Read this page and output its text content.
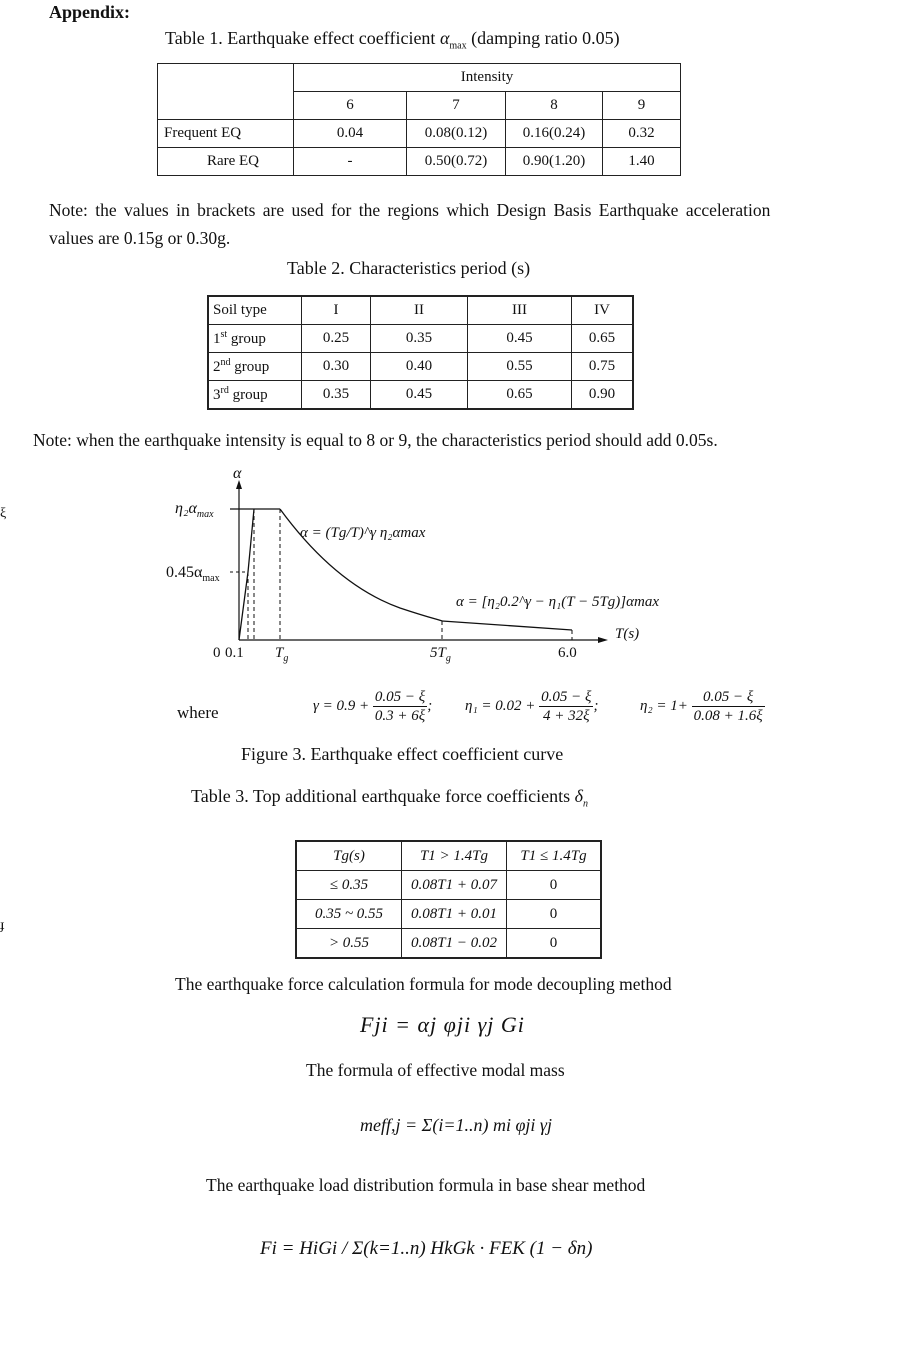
Appendix:
Table 1. Earthquake effect coefficient $\alpha_{max}$ (damping ratio 0.05)
	Intensity			
	6	7	8	9
Frequent EQ	0.04	0.08(0.12)	0.16(0.24)	0.32
Rare EQ	-	0.50(0.72)	0.90(1.20)	1.40
Note: the values in brackets are used for the regions which Design Basis Earthquake acceleration
values are 0.15g or 0.30g.
Table 2. Characteristics period (s)
Soil type	I	II	III	IV
1st group	0.25	0.35	0.45	0.65
2nd group	0.30	0.40	0.55	0.75
3rd group	0.35	0.45	0.65	0.90
Note: when the earthquake intensity is equal to 8 or 9, the characteristics period should add 0.05s.
ξ
ɟ
α
$\eta_2\alpha_{max}$
$0.45\alpha_{max}$
α = (Tg/T)^γ η₂αmax
α = [η₂0.2^γ − η₁(T − 5Tg)]αmax
T(s)
0 0.1 $T_g$	$5T_g$	6.0
where	$\gamma = 0.9 + \frac{0.05 - \xi}{0.3 + 6\xi}$ ; $\eta_1 = 0.02 + \frac{0.05 - \xi}{4 + 32\xi}$ ;	$\eta_2 = 1+ \frac{0.05 - \xi}{0.08 + 1.6\xi}$
Figure 3. Earthquake effect coefficient curve
Table 3. Top additional earthquake force coefficients $\delta_n$
Tg(s)	T1 > 1.4Tg	T1 ≤ 1.4Tg
≤ 0.35	0.08T1 + 0.07	0
0.35 ~ 0.55	0.08T1 + 0.01	0
> 0.55	0.08T1 − 0.02	0
The earthquake force calculation formula for mode decoupling method
Fji = αj φji γj Gi
The formula of effective modal mass
meff,j = Σ(i=1..n) mi φji γj
The earthquake load distribution formula in base shear method
Fi = HiGi / Σ(k=1..n) HkGk · FEK (1 − δn)
